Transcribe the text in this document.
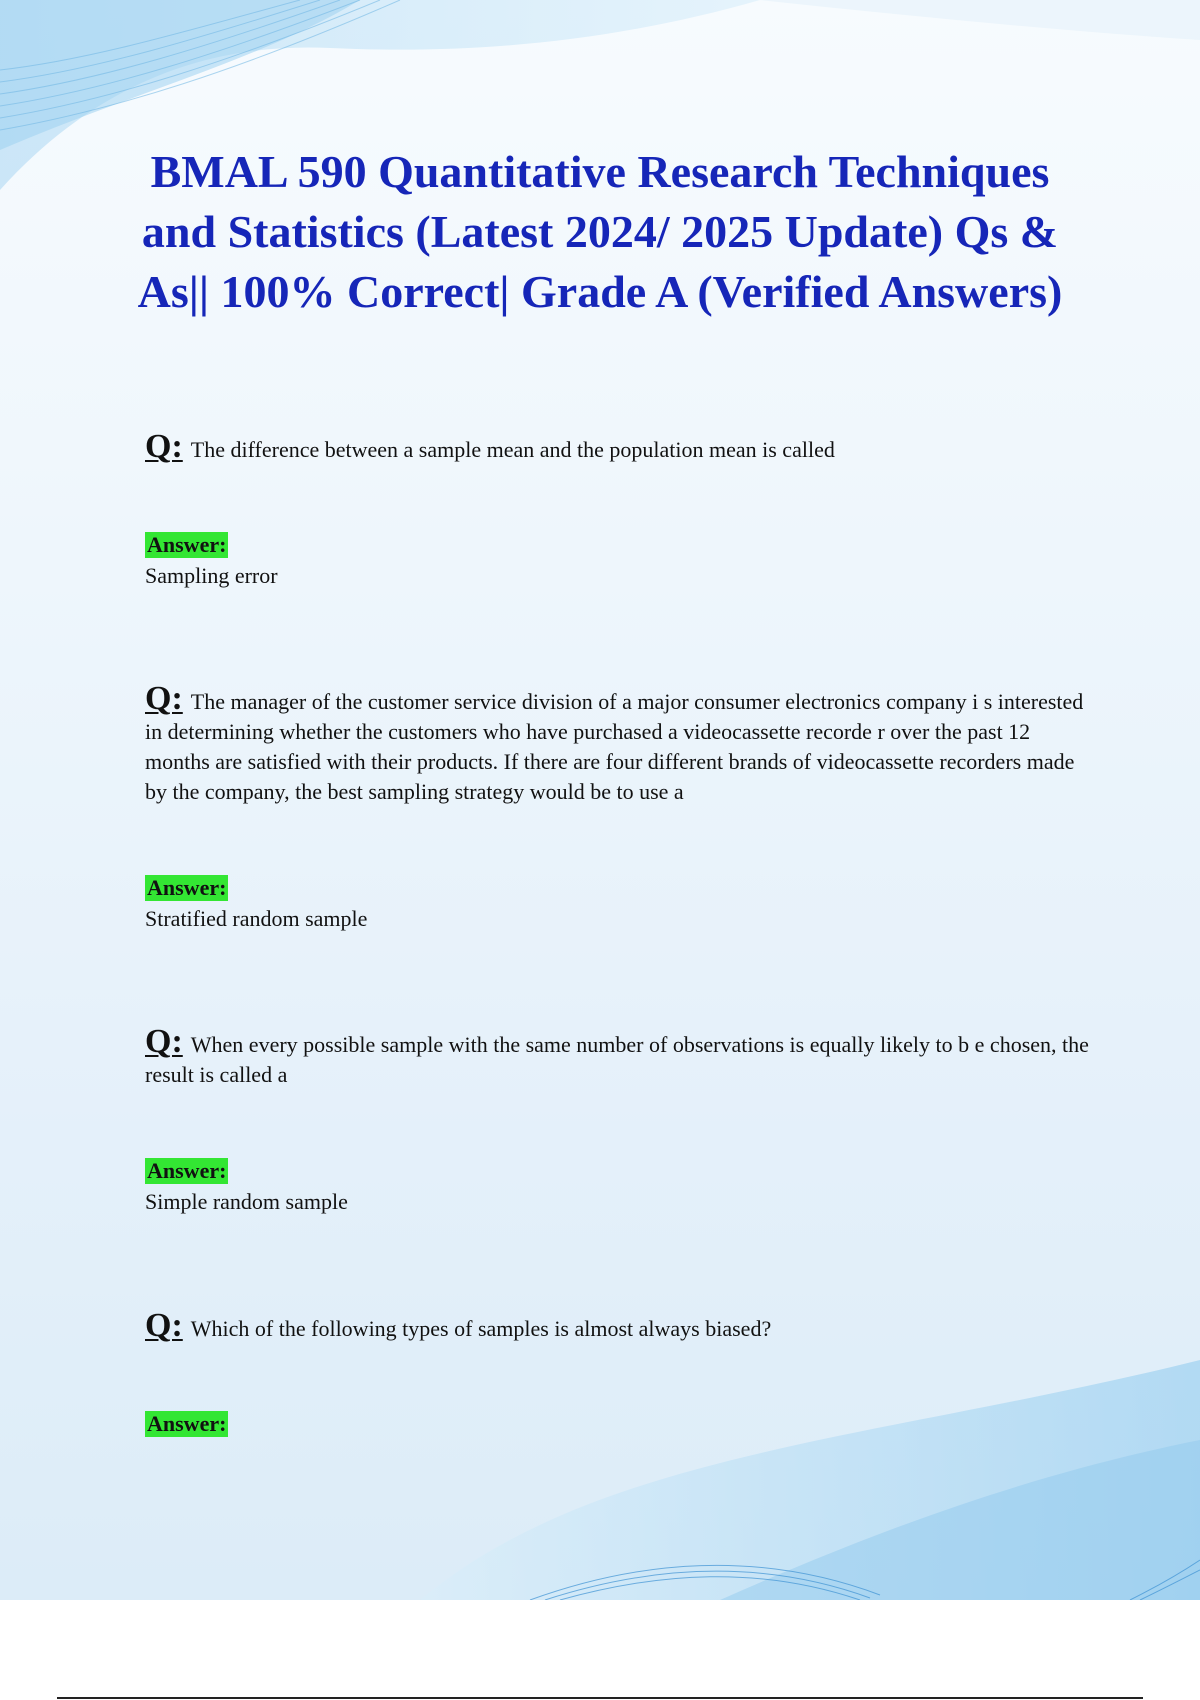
BMAL 590 Quantitative Research Techniques and Statistics (Latest 2024/ 2025 Update) Qs & As|| 100% Correct| Grade A (Verified Answers)

Q: The difference between a sample mean and the population mean is called

Answer:
Sampling error

Q: The manager of the customer service division of a major consumer electronics company i s interested in determining whether the customers who have purchased a videocassette recorde r over the past 12 months are satisfied with their products. If there are four different brands of videocassette recorders made by the company, the best sampling strategy would be to use a

Answer:
Stratified random sample

Q: When every possible sample with the same number of observations is equally likely to b e chosen, the result is called a

Answer:
Simple random sample

Q: Which of the following types of samples is almost always biased?

Answer:
